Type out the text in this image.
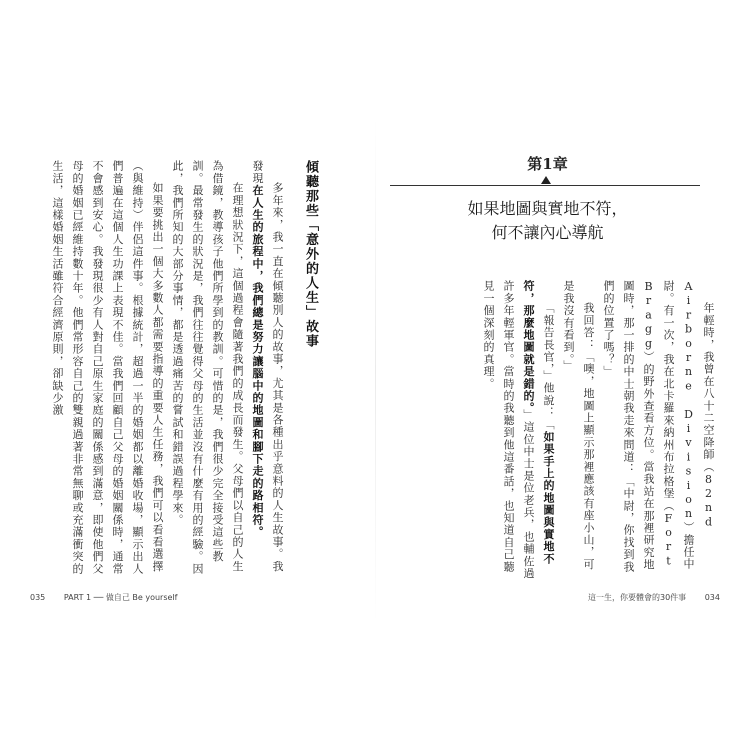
第1章
如果地圖與實地不符，
何不讓內心導航

年輕時，我曾在八十二空降師（82nd Airborne Division）擔任中尉。有一次，我在北卡羅來納州布拉格堡（Fort Bragg）的野外查看方位。當我站在那裡研究地圖時，那一排的中士朝我走來問道：「中尉，你找到我們的位置了嗎？」

我回答：「噢，地圖上顯示那裡應該有座小山，可是我沒有看到。」

「報告長官，」他說：「如果手上的地圖與實地不符，那麼地圖就是錯的。」這位中士是位老兵，也輔佐過許多年輕軍官。當時的我聽到他這番話，也知道自己聽見一個深刻的真理。

傾聽那些「意外的人生」故事

多年來，我一直在傾聽別人的故事，尤其是各種出乎意料的人生故事。我發現在人生的旅程中，我們總是努力讓腦中的地圖和腳下走的路相符。

在理想狀況下，這個過程會隨著我們的成長而發生。父母們以自己的人生為借鏡，教導孩子他們所學到的教訓。可惜的是，我們很少完全接受這些教訓。最常發生的狀況是，我們往往覺得父母的生活並沒有什麼有用的經驗。因此，我們所知的大部分事情，都是透過痛苦的嘗試和錯誤過程學來。

如果要挑出一個大多數人都需要指導的重要人生任務，我們可以看看選擇（與維持）伴侶這件事。根據統計，超過一半的婚姻都以離婚收場，顯示出人們普遍在這個人生功課上表現不佳。當我們回顧自己父母的婚姻關係時，通常不會感到安心。我發現很少有人對自己原生家庭的關係感到滿意，即使他們父母的婚姻已經維持數十年。他們常形容自己的雙親過著非常無聊或充滿衝突的生活，這樣婚姻生活雖符合經濟原則，卻缺少激

035 PART 1 ── 做自己 Be yourself	這一生，你要體會的30件事 034
